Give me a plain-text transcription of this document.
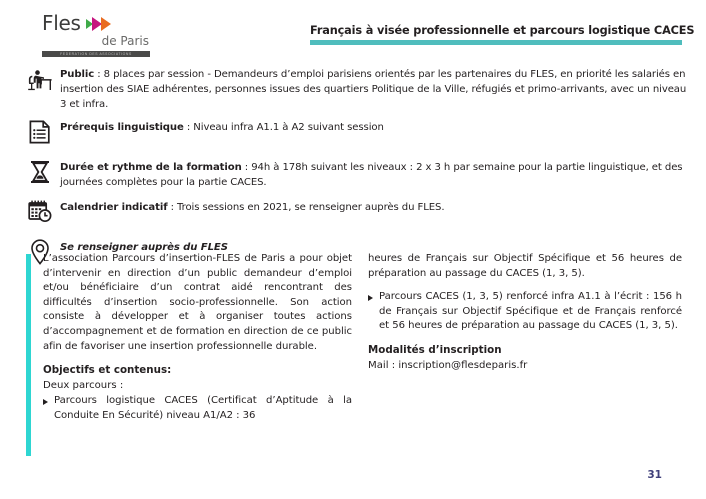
Fles
de Paris
FEDERATION DES ASSOCIATIONS
Français à visée professionnelle et parcours logistique CACES
Public : 8 places par session - Demandeurs d’emploi parisiens orientés par les partenaires du FLES, en priorité les salariés en insertion des SIAE adhérentes, personnes issues des quartiers Politique de la Ville, réfugiés et primo-arrivants, avec un niveau 3 et infra.
Prérequis linguistique : Niveau infra A1.1 à A2 suivant session
Durée et rythme de la formation : 94h à 178h suivant les niveaux : 2 x 3 h par semaine pour la partie linguistique, et des journées complètes pour la partie CACES.
Calendrier indicatif : Trois sessions en 2021, se renseigner auprès du FLES.
Se renseigner auprès du FLES

L’association Parcours d’insertion-FLES de Paris a pour objet d’intervenir en direction d’un public demandeur d’emploi et/ou bénéficiaire d’un contrat aidé rencontrant des difficultés d’insertion socio-professionnelle. Son action consiste à développer et à organiser toutes actions d’accompagnement et de formation en direction de ce public afin de favoriser une insertion professionnelle durable.

Objectifs et contenus:

Deux parcours :

Parcours logistique CACES (Certificat d’Aptitude à la Conduite En Sécurité) niveau A1/A2 : 36

heures de Français sur Objectif Spécifique et 56 heures de préparation au passage du CACES (1, 3, 5).

Parcours CACES (1, 3, 5) renforcé infra A1.1 à l’écrit : 156 h de Français sur Objectif Spécifique et de Français renforcé et 56 heures de préparation au passage du CACES (1, 3, 5).

Modalités d’inscription

Mail : inscription@flesdeparis.fr

31
